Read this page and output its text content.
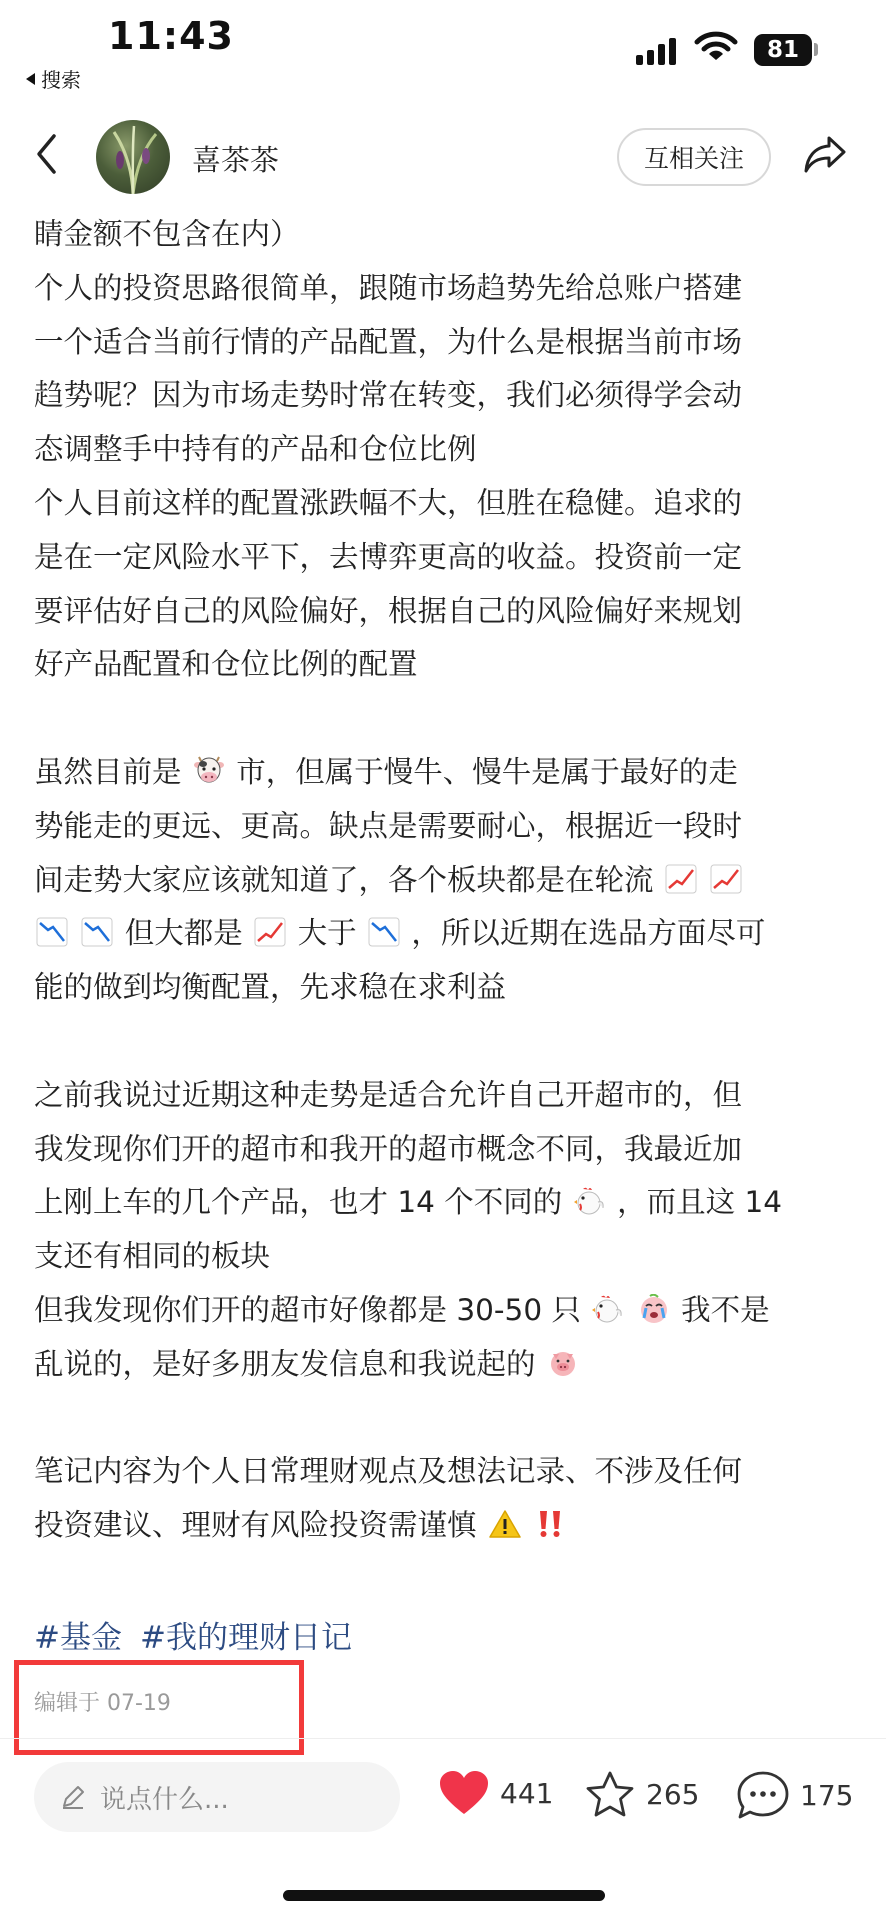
11:43
搜索
81
喜茶茶	互相关注
睛金额不包含在内）
个人的投资思路很简单，跟随市场趋势先给总账户搭建
一个适合当前行情的产品配置，为什么是根据当前市场
趋势呢？因为市场走势时常在转变，我们必须得学会动
态调整手中持有的产品和仓位比例
个人目前这样的配置涨跌幅不大，但胜在稳健。追求的
是在一定风险水平下，去博弈更高的收益。投资前一定
要评估好自己的风险偏好，根据自己的风险偏好来规划
好产品配置和仓位比例的配置
虽然目前是 市，但属于慢牛、慢牛是属于最好的走
势能走的更远、更高。缺点是需要耐心，根据近一段时
间走势大家应该就知道了，各个板块都是在轮流
但大都是 大于 ，所以近期在选品方面尽可
能的做到均衡配置，先求稳在求利益
之前我说过近期这种走势是适合允许自己开超市的，但
我发现你们开的超市和我开的超市概念不同，我最近加
上刚上车的几个产品，也才 14 个不同的 ，而且这 14
支还有相同的板块
但我发现你们开的超市好像都是 30-50 只	我不是
乱说的，是好多朋友发信息和我说起的
笔记内容为个人日常理财观点及想法记录、不涉及任何
投资建议、理财有风险投资需谨慎
#基金 #我的理财日记
编辑于 07-19
说点什么...	441	265	175
